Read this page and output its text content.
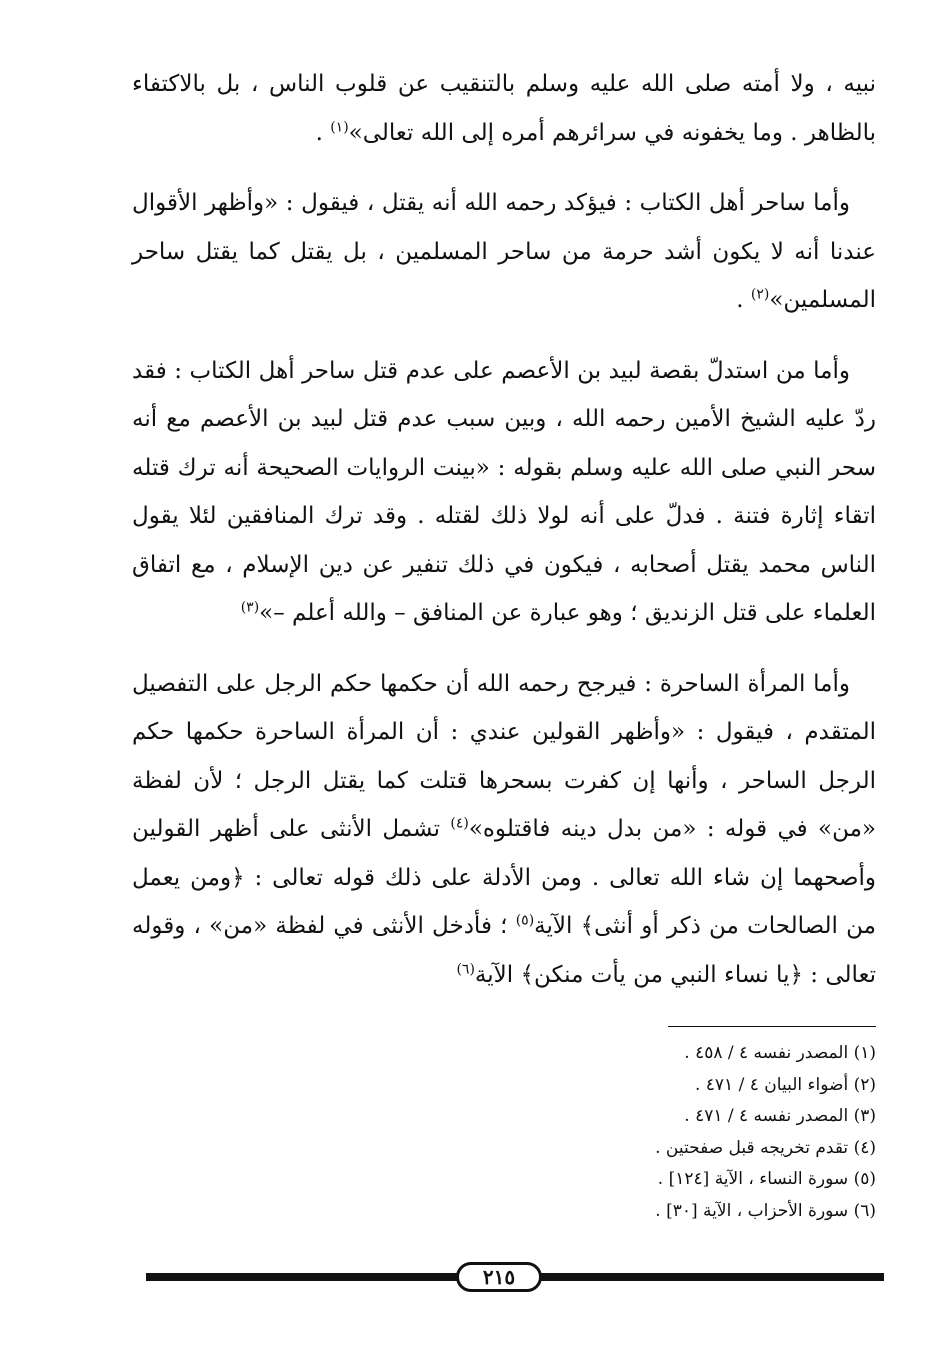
نبيه ، ولا أمته صلى الله عليه وسلم بالتنقيب عن قلوب الناس ، بل بالاكتفاء بالظاهر . وما يخفونه في سرائرهم أمره إلى الله تعالى»$^{(١)}$ .

وأما ساحر أهل الكتاب : فيؤكد رحمه الله أنه يقتل ، فيقول : «وأظهر الأقوال عندنا أنه لا يكون أشد حرمة من ساحر المسلمين ، بل يقتل كما يقتل ساحر المسلمين»$^{(٢)}$ .

وأما من استدلّ بقصة لبيد بن الأعصم على عدم قتل ساحر أهل الكتاب : فقد ردّ عليه الشيخ الأمين رحمه الله ، وبين سبب عدم قتل لبيد بن الأعصم مع أنه سحر النبي صلى الله عليه وسلم بقوله : «بينت الروايات الصحيحة أنه ترك قتله اتقاء إثارة فتنة . فدلّ على أنه لولا ذلك لقتله . وقد ترك المنافقين لئلا يقول الناس محمد يقتل أصحابه ، فيكون في ذلك تنفير عن دين الإسلام ، مع اتفاق العلماء على قتل الزنديق ؛ وهو عبارة عن المنافق – والله أعلم –»$^{(٣)}$

وأما المرأة الساحرة : فيرجح رحمه الله أن حكمها حكم الرجل على التفصيل المتقدم ، فيقول : «وأظهر القولين عندي : أن المرأة الساحرة حكمها حكم الرجل الساحر ، وأنها إن كفرت بسحرها قتلت كما يقتل الرجل ؛ لأن لفظة «من» في قوله : «من بدل دينه فاقتلوه»$^{(٤)}$ تشمل الأنثى على أظهر القولين وأصحهما إن شاء الله تعالى . ومن الأدلة على ذلك قوله تعالى : ﴿ومن يعمل من الصالحات من ذكر أو أنثى﴾ الآية$^{(٥)}$ ؛ فأدخل الأنثى في لفظة «من» ، وقوله تعالى : ﴿يا نساء النبي من يأت منكن﴾ الآية$^{(٦)}$

(١) المصدر نفسه ٤ / ٤٥٨ .

(٢) أضواء البيان ٤ / ٤٧١ .

(٣) المصدر نفسه ٤ / ٤٧١ .

(٤) تقدم تخريجه قبل صفحتين .

(٥) سورة النساء ، الآية [١٢٤] .

(٦) سورة الأحزاب ، الآية [٣٠] .

٢١٥
